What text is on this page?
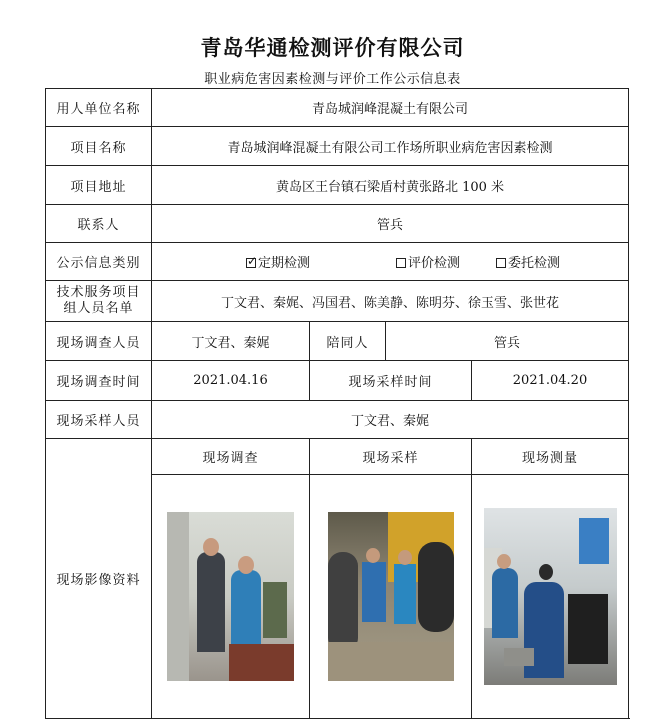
青岛华通检测评价有限公司
职业病危害因素检测与评价工作公示信息表
用人单位名称	青岛城润峰混凝土有限公司			
项目名称	青岛城润峰混凝土有限公司工作场所职业病危害因素检测			
项目地址	黄岛区王台镇石梁盾村黄张路北 100 米			
联系人	管兵			
公示信息类别	✓定期检测 评价检测 委托检测

技术服务项目
组人员名单	丁文君、秦娓、冯国君、陈美静、陈明芬、徐玉雪、张世花			
现场调查人员	丁文君、秦娓	陪同人	管兵	
现场调查时间	2021.04.16	现场采样时间		2021.04.20
现场采样人员	丁文君、秦娓			
现场影像资料	现场调查	现场采样		现场测量
